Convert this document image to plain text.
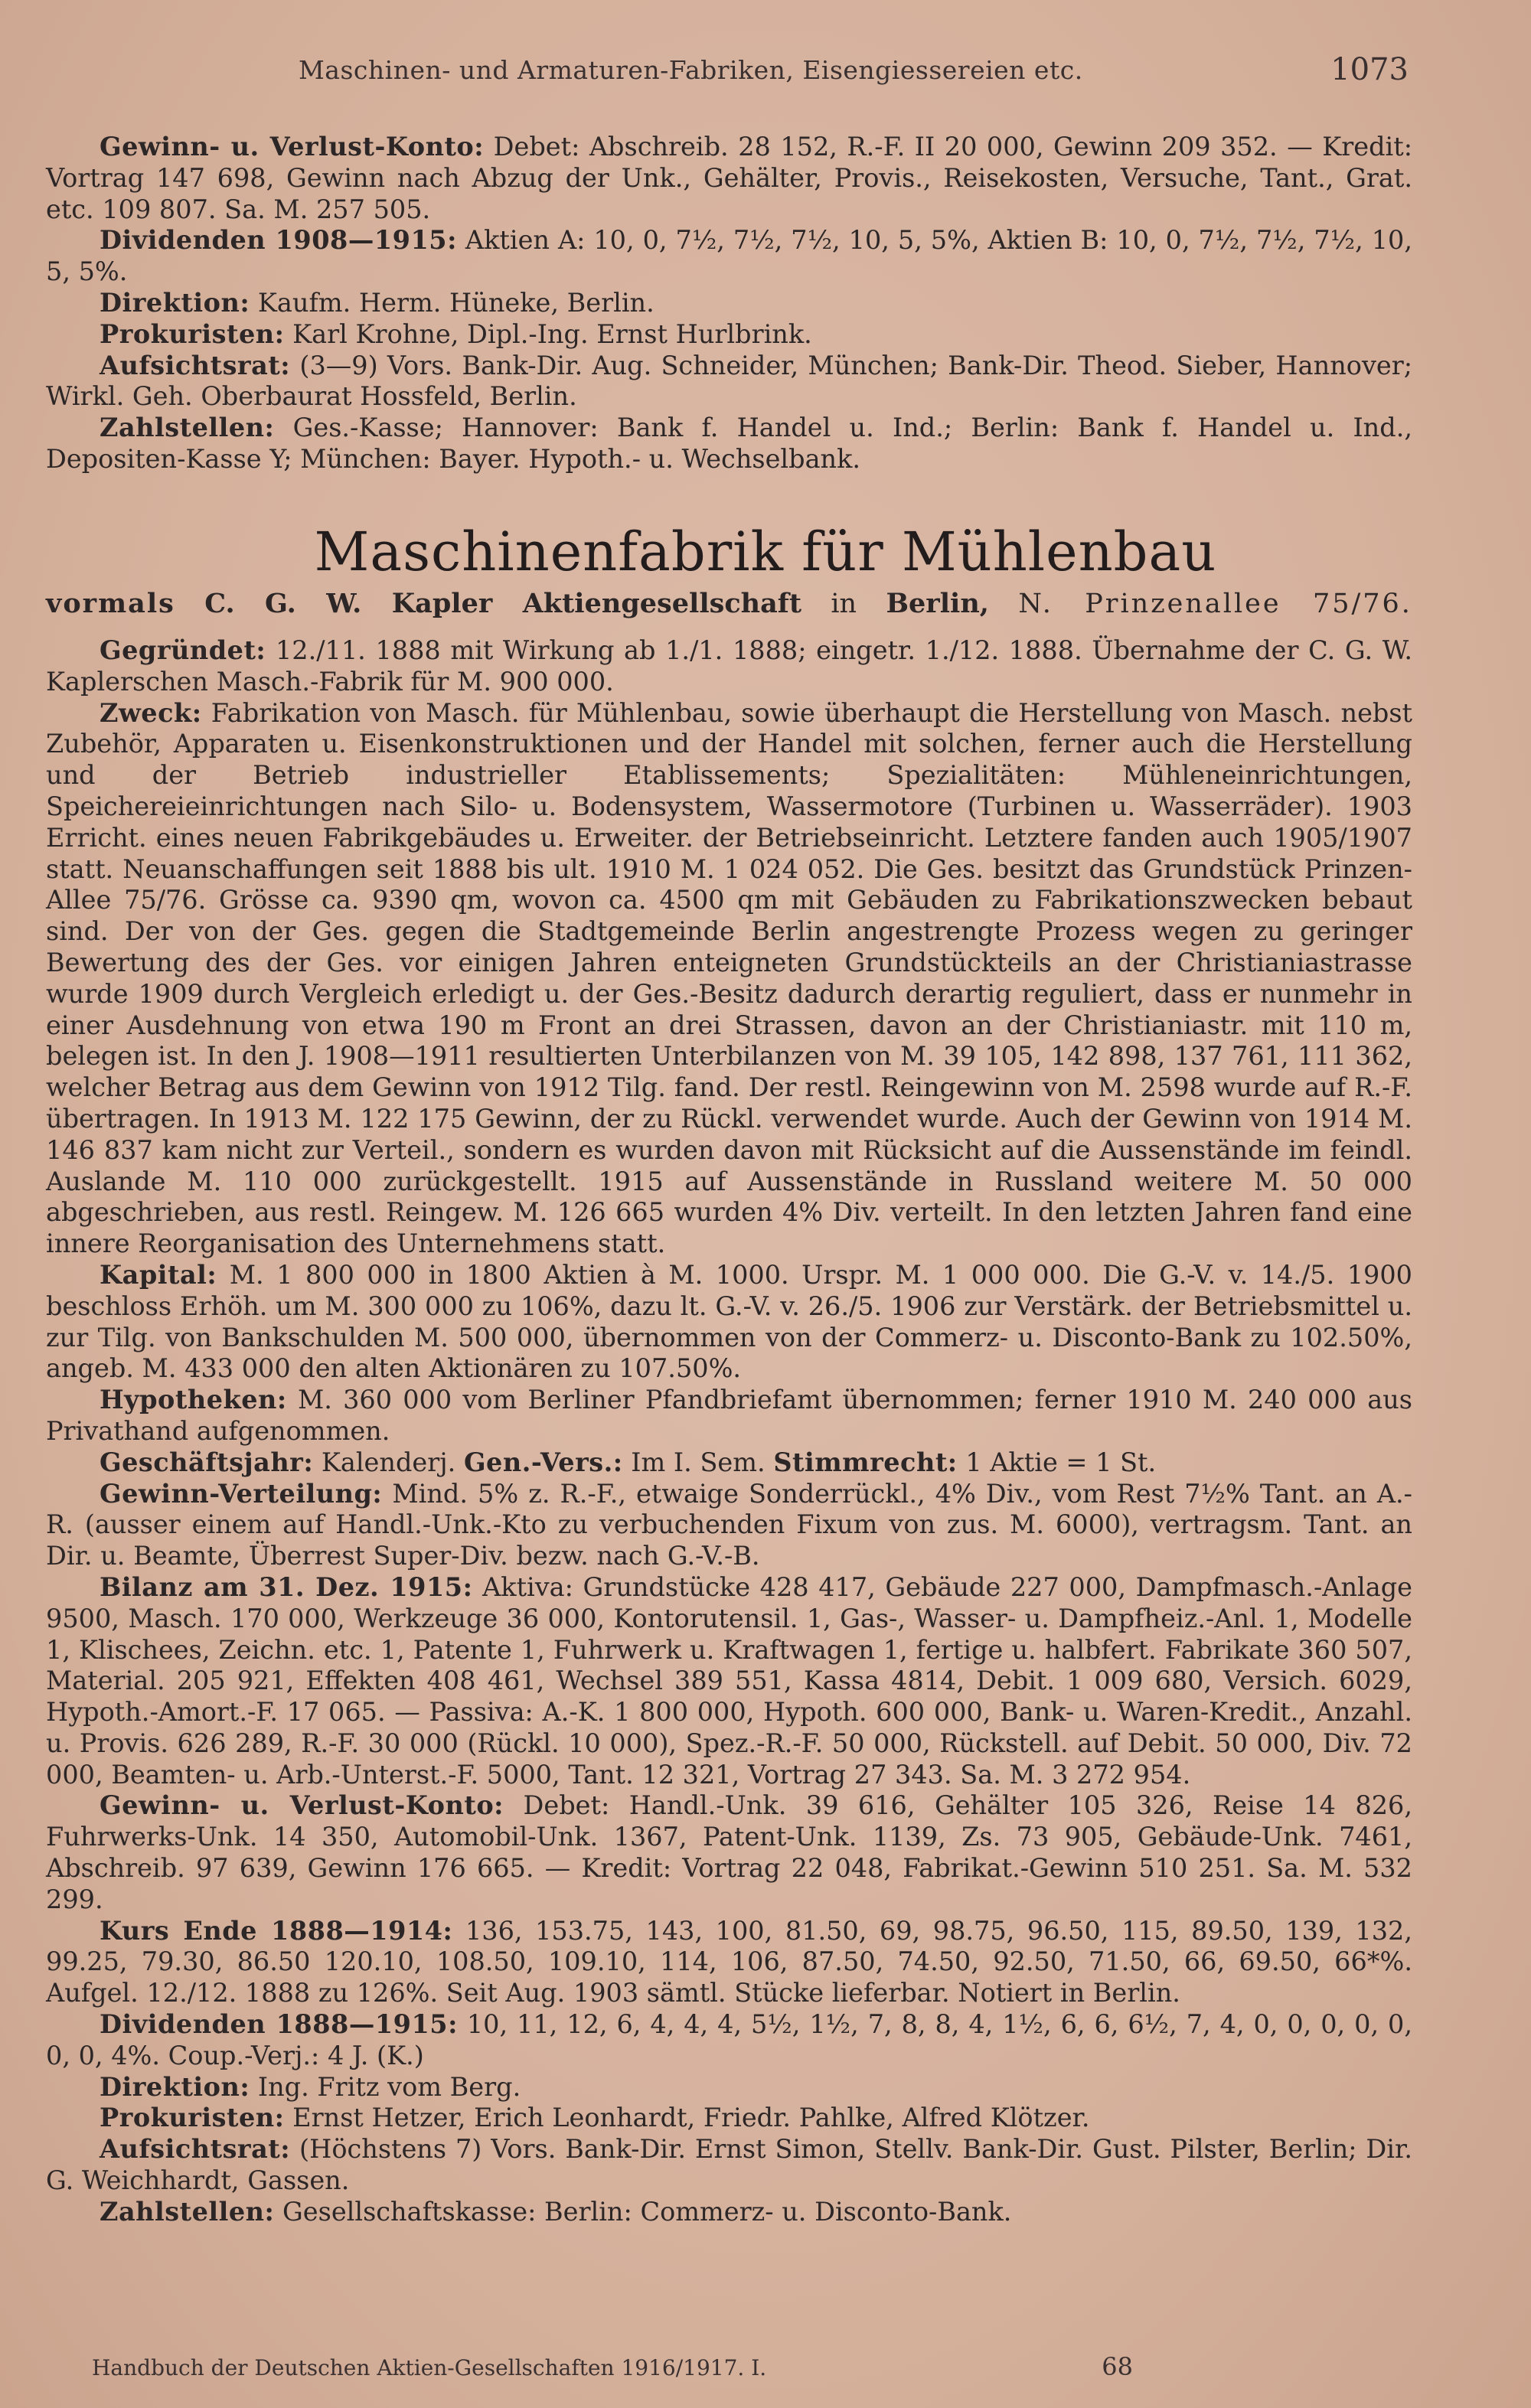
Maschinen- und Armaturen-Fabriken, Eisengiessereien etc.	1073

Gewinn- u. Verlust-Konto: Debet: Abschreib. 28 152, R.-F. II 20 000, Gewinn 209 352. — Kredit: Vortrag 147 698, Gewinn nach Abzug der Unk., Gehälter, Provis., Reisekosten, Versuche, Tant., Grat. etc. 109 807. Sa. M. 257 505.

Dividenden 1908—1915: Aktien A: 10, 0, 7½, 7½, 7½, 10, 5, 5%, Aktien B: 10, 0, 7½, 7½, 7½, 10, 5, 5%.

Direktion: Kaufm. Herm. Hüneke, Berlin.

Prokuristen: Karl Krohne, Dipl.-Ing. Ernst Hurlbrink.

Aufsichtsrat: (3—9) Vors. Bank-Dir. Aug. Schneider, München; Bank-Dir. Theod. Sieber, Hannover; Wirkl. Geh. Oberbaurat Hossfeld, Berlin.

Zahlstellen: Ges.-Kasse; Hannover: Bank f. Handel u. Ind.; Berlin: Bank f. Handel u. Ind., Depositen-Kasse Y; München: Bayer. Hypoth.- u. Wechselbank.

Maschinenfabrik für Mühlenbau
vormals C. G. W. Kapler Aktiengesellschaft in Berlin, N. Prinzenallee 75/76.

Gegründet: 12./11. 1888 mit Wirkung ab 1./1. 1888; eingetr. 1./12. 1888. Übernahme der C. G. W. Kaplerschen Masch.-Fabrik für M. 900 000.

Zweck: Fabrikation von Masch. für Mühlenbau, sowie überhaupt die Herstellung von Masch. nebst Zubehör, Apparaten u. Eisenkonstruktionen und der Handel mit solchen, ferner auch die Herstellung und der Betrieb industrieller Etablissements; Spezialitäten: Mühleneinrichtungen, Speichereieinrichtungen nach Silo- u. Bodensystem, Wassermotore (Turbinen u. Wasserräder). 1903 Erricht. eines neuen Fabrikgebäudes u. Erweiter. der Betriebseinricht. Letztere fanden auch 1905/1907 statt. Neuanschaffungen seit 1888 bis ult. 1910 M. 1 024 052. Die Ges. besitzt das Grundstück Prinzen-Allee 75/76. Grösse ca. 9390 qm, wovon ca. 4500 qm mit Gebäuden zu Fabrikationszwecken bebaut sind. Der von der Ges. gegen die Stadtgemeinde Berlin angestrengte Prozess wegen zu geringer Bewertung des der Ges. vor einigen Jahren enteigneten Grundstückteils an der Christianiastrasse wurde 1909 durch Vergleich erledigt u. der Ges.-Besitz dadurch derartig reguliert, dass er nunmehr in einer Ausdehnung von etwa 190 m Front an drei Strassen, davon an der Christianiastr. mit 110 m, belegen ist. In den J. 1908—1911 resultierten Unterbilanzen von M. 39 105, 142 898, 137 761, 111 362, welcher Betrag aus dem Gewinn von 1912 Tilg. fand. Der restl. Reingewinn von M. 2598 wurde auf R.-F. übertragen. In 1913 M. 122 175 Gewinn, der zu Rückl. verwendet wurde. Auch der Gewinn von 1914 M. 146 837 kam nicht zur Verteil., sondern es wurden davon mit Rücksicht auf die Aussenstände im feindl. Auslande M. 110 000 zurückgestellt. 1915 auf Aussenstände in Russland weitere M. 50 000 abgeschrieben, aus restl. Reingew. M. 126 665 wurden 4% Div. verteilt. In den letzten Jahren fand eine innere Reorganisation des Unternehmens statt.

Kapital: M. 1 800 000 in 1800 Aktien à M. 1000. Urspr. M. 1 000 000. Die G.-V. v. 14./5. 1900 beschloss Erhöh. um M. 300 000 zu 106%, dazu lt. G.-V. v. 26./5. 1906 zur Verstärk. der Betriebsmittel u. zur Tilg. von Bankschulden M. 500 000, übernommen von der Commerz- u. Disconto-Bank zu 102.50%, angeb. M. 433 000 den alten Aktionären zu 107.50%.

Hypotheken: M. 360 000 vom Berliner Pfandbriefamt übernommen; ferner 1910 M. 240 000 aus Privathand aufgenommen.

Geschäftsjahr: Kalenderj. Gen.-Vers.: Im I. Sem. Stimmrecht: 1 Aktie = 1 St.

Gewinn-Verteilung: Mind. 5% z. R.-F., etwaige Sonderrückl., 4% Div., vom Rest 7½% Tant. an A.-R. (ausser einem auf Handl.-Unk.-Kto zu verbuchenden Fixum von zus. M. 6000), vertragsm. Tant. an Dir. u. Beamte, Überrest Super-Div. bezw. nach G.-V.-B.

Bilanz am 31. Dez. 1915: Aktiva: Grundstücke 428 417, Gebäude 227 000, Dampfmasch.-Anlage 9500, Masch. 170 000, Werkzeuge 36 000, Kontorutensil. 1, Gas-, Wasser- u. Dampfheiz.-Anl. 1, Modelle 1, Klischees, Zeichn. etc. 1, Patente 1, Fuhrwerk u. Kraftwagen 1, fertige u. halbfert. Fabrikate 360 507, Material. 205 921, Effekten 408 461, Wechsel 389 551, Kassa 4814, Debit. 1 009 680, Versich. 6029, Hypoth.-Amort.-F. 17 065. — Passiva: A.-K. 1 800 000, Hypoth. 600 000, Bank- u. Waren-Kredit., Anzahl. u. Provis. 626 289, R.-F. 30 000 (Rückl. 10 000), Spez.-R.-F. 50 000, Rückstell. auf Debit. 50 000, Div. 72 000, Beamten- u. Arb.-Unterst.-F. 5000, Tant. 12 321, Vortrag 27 343. Sa. M. 3 272 954.

Gewinn- u. Verlust-Konto: Debet: Handl.-Unk. 39 616, Gehälter 105 326, Reise 14 826, Fuhrwerks-Unk. 14 350, Automobil-Unk. 1367, Patent-Unk. 1139, Zs. 73 905, Gebäude-Unk. 7461, Abschreib. 97 639, Gewinn 176 665. — Kredit: Vortrag 22 048, Fabrikat.-Gewinn 510 251. Sa. M. 532 299.

Kurs Ende 1888—1914: 136, 153.75, 143, 100, 81.50, 69, 98.75, 96.50, 115, 89.50, 139, 132, 99.25, 79.30, 86.50 120.10, 108.50, 109.10, 114, 106, 87.50, 74.50, 92.50, 71.50, 66, 69.50, 66*%. Aufgel. 12./12. 1888 zu 126%. Seit Aug. 1903 sämtl. Stücke lieferbar. Notiert in Berlin.

Dividenden 1888—1915: 10, 11, 12, 6, 4, 4, 4, 5½, 1½, 7, 8, 8, 4, 1½, 6, 6, 6½, 7, 4, 0, 0, 0, 0, 0, 0, 0, 4%. Coup.-Verj.: 4 J. (K.)

Direktion: Ing. Fritz vom Berg.

Prokuristen: Ernst Hetzer, Erich Leonhardt, Friedr. Pahlke, Alfred Klötzer.

Aufsichtsrat: (Höchstens 7) Vors. Bank-Dir. Ernst Simon, Stellv. Bank-Dir. Gust. Pilster, Berlin; Dir. G. Weichhardt, Gassen.

Zahlstellen: Gesellschaftskasse: Berlin: Commerz- u. Disconto-Bank.

Handbuch der Deutschen Aktien-Gesellschaften 1916/1917. I.	68
